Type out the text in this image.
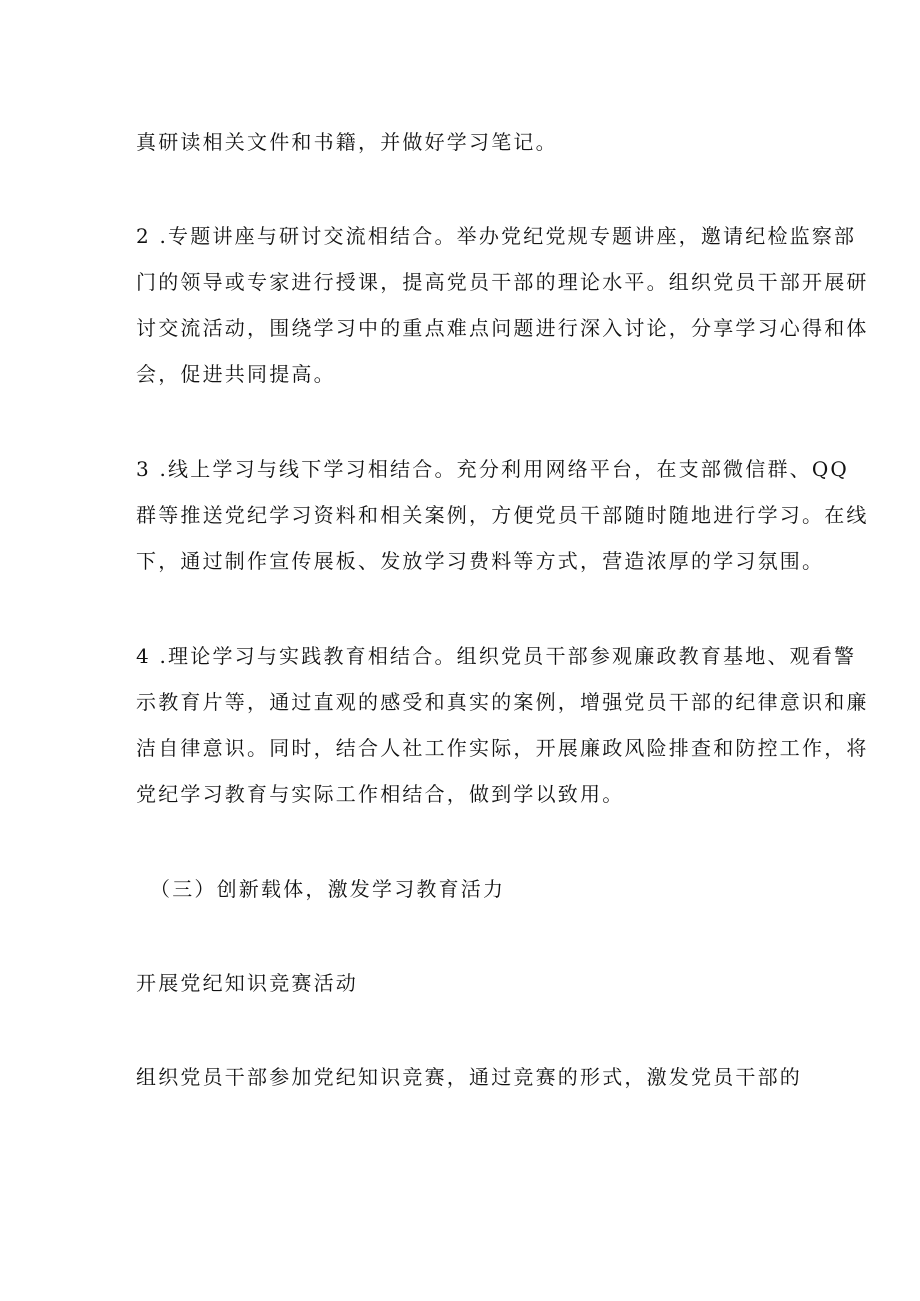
真研读相关文件和书籍，并做好学习笔记。
2 .专题讲座与研讨交流相结合。举办党纪党规专题讲座，邀请纪检监察部
门的领导或专家进行授课，提高党员干部的理论水平。组织党员干部开展研
讨交流活动，围绕学习中的重点难点问题进行深入讨论，分享学习心得和体
会，促进共同提高。
3 .线上学习与线下学习相结合。充分利用网络平台，在支部微信群、QQ
群等推送党纪学习资料和相关案例，方便党员干部随时随地进行学习。在线
下，通过制作宣传展板、发放学习费料等方式，营造浓厚的学习氛围。
4 .理论学习与实践教育相结合。组织党员干部参观廉政教育基地、观看警
示教育片等，通过直观的感受和真实的案例，增强党员干部的纪律意识和廉
洁自律意识。同时，结合人社工作实际，开展廉政风险排查和防控工作，将
党纪学习教育与实际工作相结合，做到学以致用。
（三）创新载体，激发学习教育活力
开展党纪知识竞赛活动
组织党员干部参加党纪知识竞赛，通过竞赛的形式，激发党员干部的
